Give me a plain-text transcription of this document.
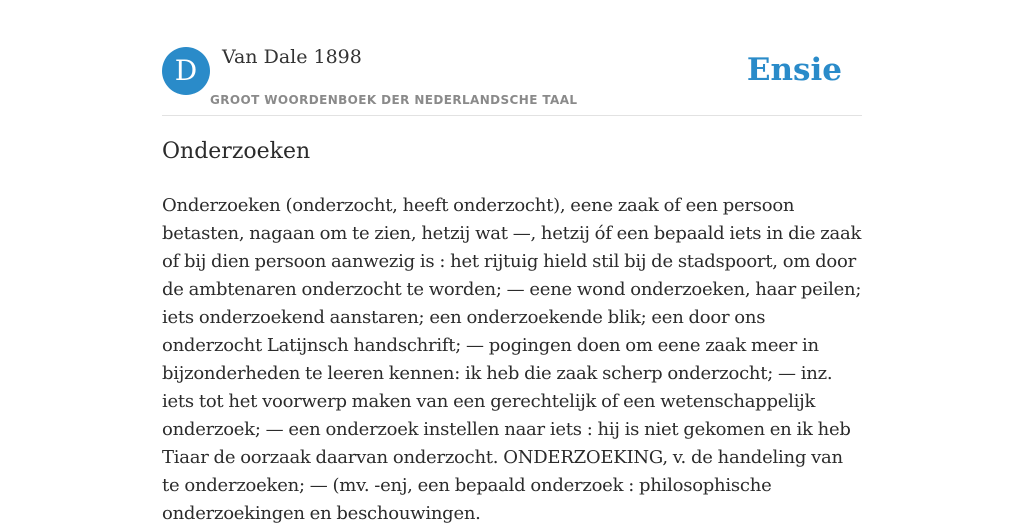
D	Van Dale 1898
GROOT WOORDENBOEK DER NEDERLANDSCHE TAAL
Ensie
Onderzoeken

Onderzoeken (onderzocht, heeft onderzocht), eene zaak of een persoon betasten, nagaan om te zien, hetzij wat —, hetzij óf een bepaald iets in die zaak of bij dien persoon aanwezig is : het rijtuig hield stil bij de stadspoort, om door de ambtenaren onderzocht te worden; — eene wond onderzoeken, haar peilen; iets onderzoekend aanstaren; een onderzoekende blik; een door ons onderzocht Latijnsch handschrift; — pogingen doen om eene zaak meer in bijzonderheden te leeren kennen: ik heb die zaak scherp onderzocht; — inz. iets tot het voorwerp maken van een gerechtelijk of een wetenschappelijk onderzoek; — een onderzoek instellen naar iets : hij is niet gekomen en ik heb Tiaar de oorzaak daarvan onderzocht. ONDERZOEKING, v. de handeling van te onderzoeken; — (mv. -enj, een bepaald onderzoek : philosophische onderzoekingen en beschouwingen.
